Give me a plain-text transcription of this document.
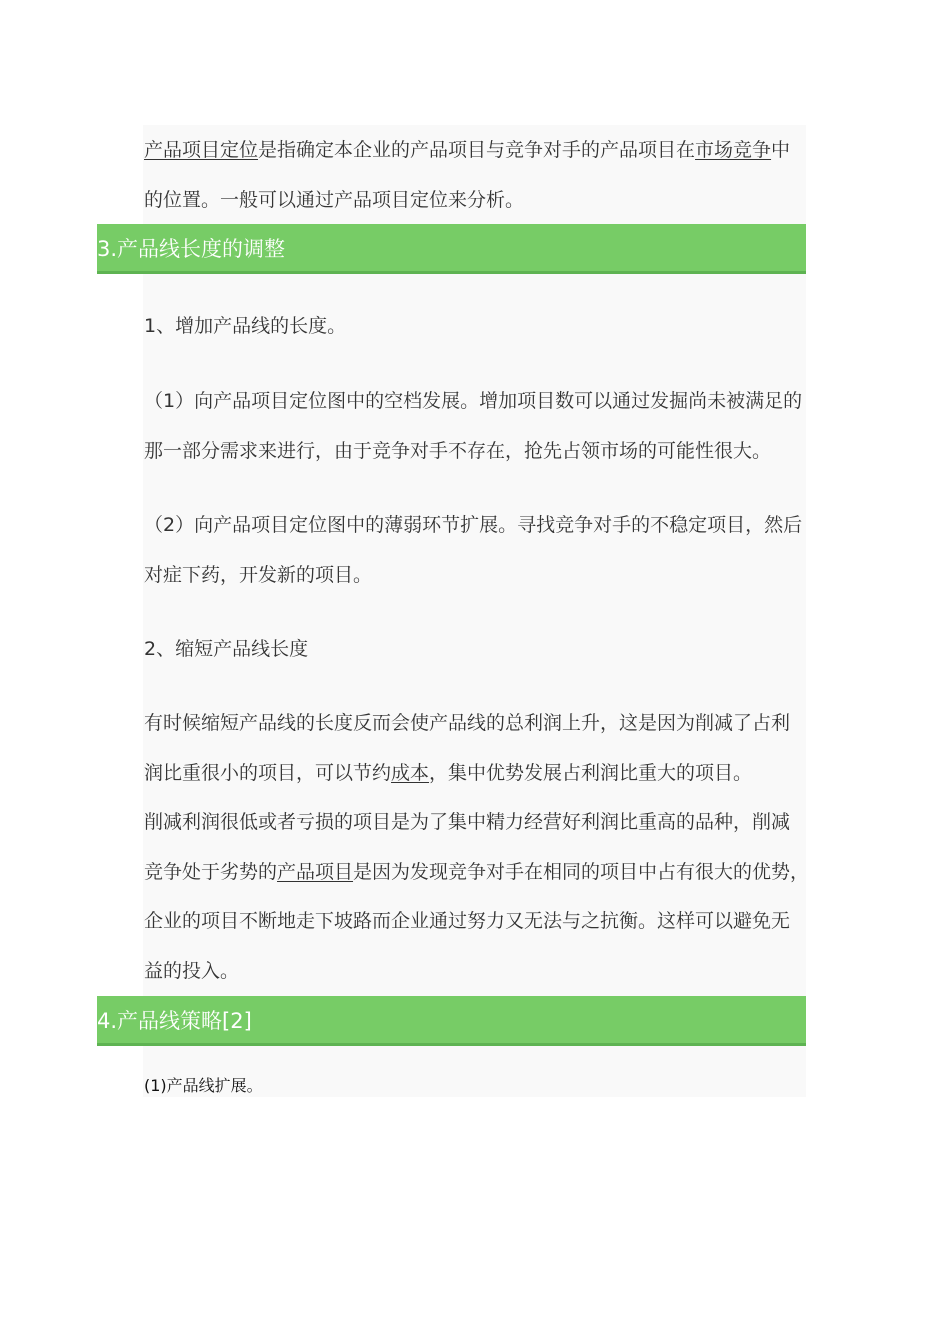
产品项目定位是指确定本企业的产品项目与竞争对手的产品项目在市场竞争中
的位置。一般可以通过产品项目定位来分析。
3.产品线长度的调整
1、增加产品线的长度。
（1）向产品项目定位图中的空档发展。增加项目数可以通过发掘尚未被满足的
那一部分需求来进行，由于竞争对手不存在，抢先占领市场的可能性很大。
（2）向产品项目定位图中的薄弱环节扩展。寻找竞争对手的不稳定项目，然后
对症下药，开发新的项目。
2、缩短产品线长度
有时候缩短产品线的长度反而会使产品线的总利润上升，这是因为削减了占利
润比重很小的项目，可以节约成本，集中优势发展占利润比重大的项目。
削减利润很低或者亏损的项目是为了集中精力经营好利润比重高的品种，削减
竞争处于劣势的产品项目是因为发现竞争对手在相同的项目中占有很大的优势，
企业的项目不断地走下坡路而企业通过努力又无法与之抗衡。这样可以避免无
益的投入。
4.产品线策略[2]
(1)产品线扩展。
